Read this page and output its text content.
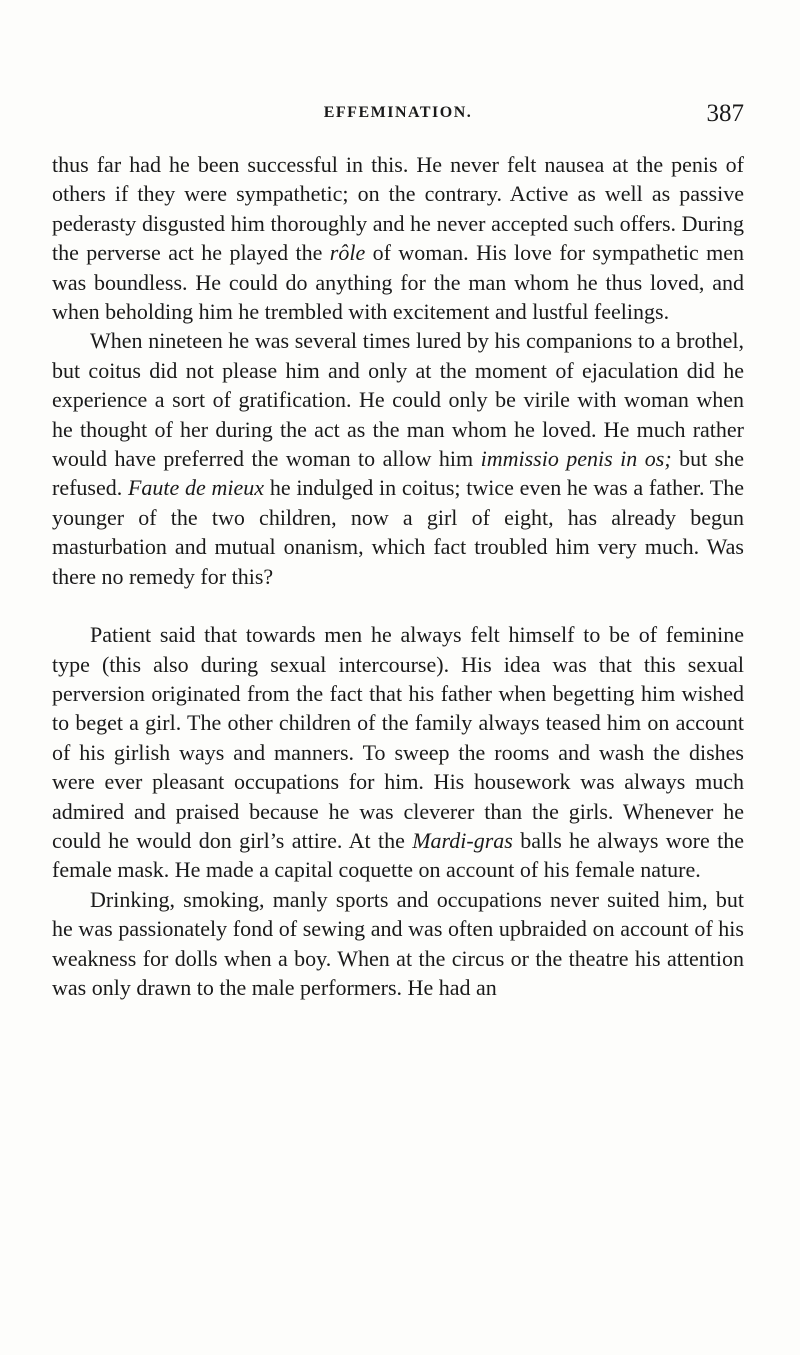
EFFEMINATION.	387

thus far had he been successful in this. He never felt nausea at the penis of others if they were sympathetic; on the contrary. Active as well as passive pederasty disgusted him thoroughly and he never accepted such offers. During the perverse act he played the rôle of woman. His love for sympathetic men was boundless. He could do anything for the man whom he thus loved, and when beholding him he trembled with excitement and lustful feelings.

When nineteen he was several times lured by his companions to a brothel, but coitus did not please him and only at the moment of ejaculation did he experience a sort of gratification. He could only be virile with woman when he thought of her during the act as the man whom he loved. He much rather would have preferred the woman to allow him immissio penis in os; but she refused. Faute de mieux he indulged in coitus; twice even he was a father. The younger of the two children, now a girl of eight, has already begun masturbation and mutual onanism, which fact troubled him very much. Was there no remedy for this?

Patient said that towards men he always felt himself to be of feminine type (this also during sexual intercourse). His idea was that this sexual perversion originated from the fact that his father when begetting him wished to beget a girl. The other children of the family always teased him on account of his girlish ways and manners. To sweep the rooms and wash the dishes were ever pleasant occupations for him. His housework was always much admired and praised because he was cleverer than the girls. Whenever he could he would don girl’s attire. At the Mardi-gras balls he always wore the female mask. He made a capital coquette on account of his female nature.

Drinking, smoking, manly sports and occupations never suited him, but he was passionately fond of sewing and was often upbraided on account of his weakness for dolls when a boy. When at the circus or the theatre his attention was only drawn to the male performers. He had an
